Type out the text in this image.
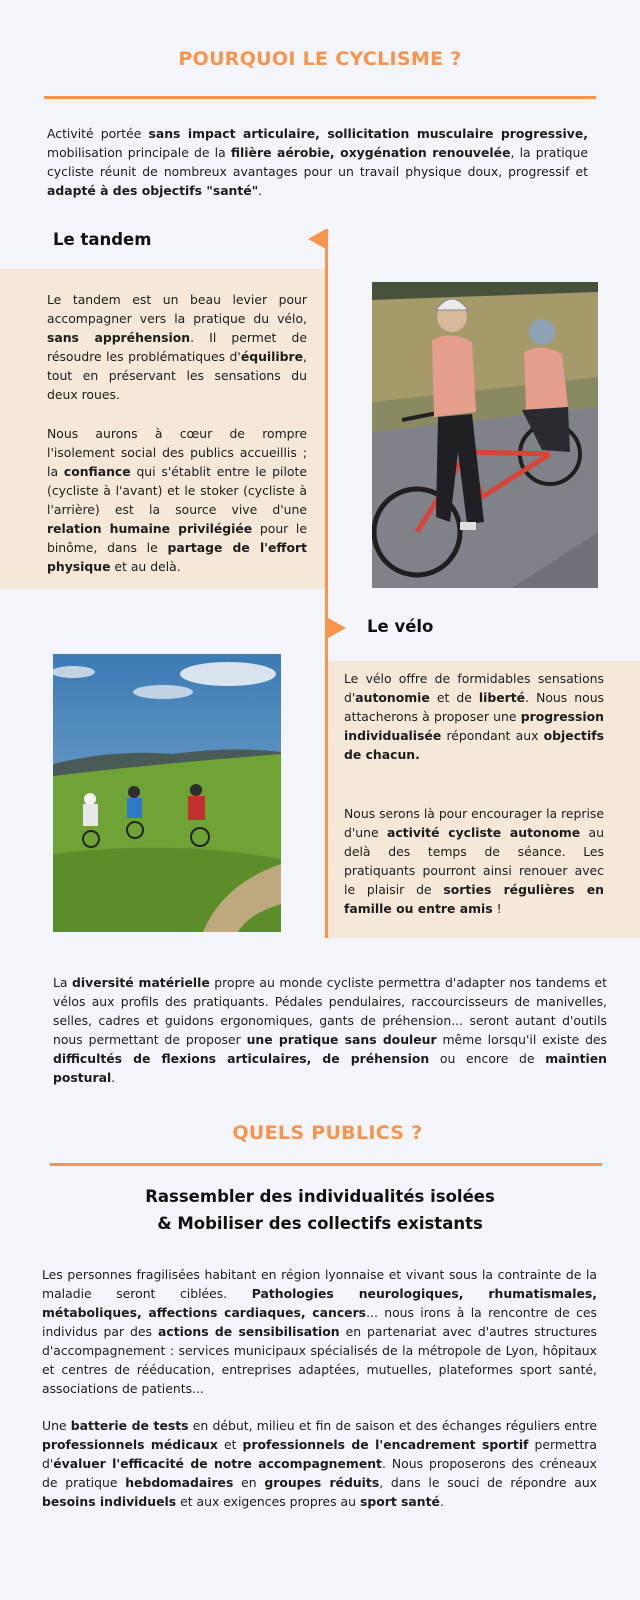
POURQUOI LE CYCLISME ?

Activité portée sans impact articulaire, sollicitation musculaire progressive, mobilisation principale de la filière aérobie, oxygénation renouvelée, la pratique cycliste réunit de nombreux avantages pour un travail physique doux, progressif et adapté à des objectifs "santé".

Le tandem

Le tandem est un beau levier pour accompagner vers la pratique du vélo, sans appréhension. Il permet de résoudre les problématiques d'équilibre, tout en préservant les sensations du deux roues.

Nous aurons à cœur de rompre l'isolement social des publics accueillis ; la confiance qui s'établit entre le pilote (cycliste à l'avant) et le stoker (cycliste à l'arrière) est la source vive d'une relation humaine privilégiée pour le binôme, dans le partage de l'effort physique et au delà.

Le vélo

Le vélo offre de formidables sensations d'autonomie et de liberté. Nous nous attacherons à proposer une progression individualisée répondant aux objectifs de chacun.

Nous serons là pour encourager la reprise d'une activité cycliste autonome au delà des temps de séance. Les pratiquants pourront ainsi renouer avec le plaisir de sorties régulières en famille ou entre amis !

La diversité matérielle propre au monde cycliste permettra d'adapter nos tandems et vélos aux profils des pratiquants. Pédales pendulaires, raccourcisseurs de manivelles, selles, cadres et guidons ergonomiques, gants de préhension... seront autant d'outils nous permettant de proposer une pratique sans douleur même lorsqu'il existe des difficultés de flexions articulaires, de préhension ou encore de maintien postural.

QUELS PUBLICS ?
Rassembler des individualités isolées
& Mobiliser des collectifs existants

Les personnes fragilisées habitant en région lyonnaise et vivant sous la contrainte de la maladie seront ciblées. Pathologies neurologiques, rhumatismales, métaboliques, affections cardiaques, cancers... nous irons à la rencontre de ces individus par des actions de sensibilisation en partenariat avec d'autres structures d'accompagnement : services municipaux spécialisés de la métropole de Lyon, hôpitaux et centres de rééducation, entreprises adaptées, mutuelles, plateformes sport santé, associations de patients...

Une batterie de tests en début, milieu et fin de saison et des échanges réguliers entre professionnels médicaux et professionnels de l'encadrement sportif permettra d'évaluer l'efficacité de notre accompagnement. Nous proposerons des créneaux de pratique hebdomadaires en groupes réduits, dans le souci de répondre aux besoins individuels et aux exigences propres au sport santé.
